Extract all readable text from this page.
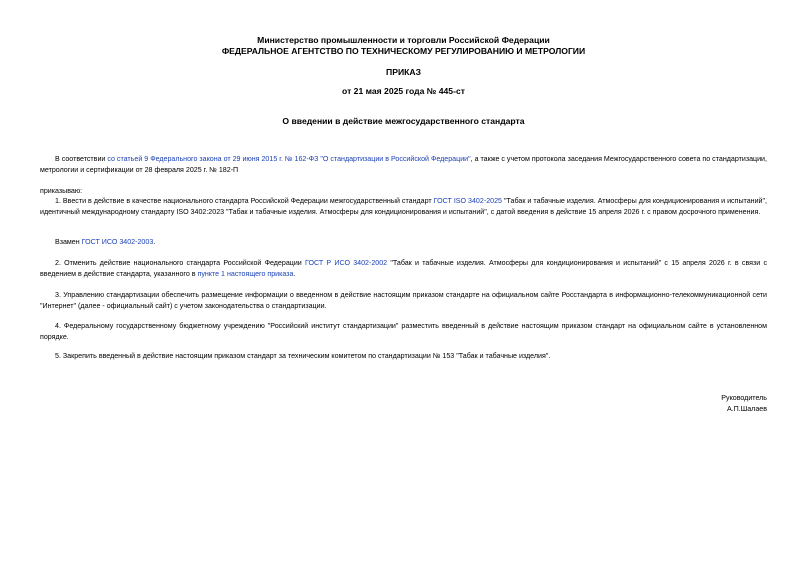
Министерство промышленности и торговли Российской Федерации
ФЕДЕРАЛЬНОЕ АГЕНТСТВО ПО ТЕХНИЧЕСКОМУ РЕГУЛИРОВАНИЮ И МЕТРОЛОГИИ
ПРИКАЗ
от 21 мая 2025 года № 445-ст
О введении в действие межгосударственного стандарта

В соответствии со статьей 9 Федерального закона от 29 июня 2015 г. № 162-ФЗ "О стандартизации в Российской Федерации", а также с учетом протокола заседания Межгосударственного совета по стандартизации, метрологии и сертификации от 28 февраля 2025 г. № 182-П

приказываю:

1. Ввести в действие в качестве национального стандарта Российской Федерации межгосударственный стандарт ГОСТ ISO 3402-2025 "Табак и табачные изделия. Атмосферы для кондиционирования и испытаний", идентичный международному стандарту ISO 3402:2023 "Табак и табачные изделия. Атмосферы для кондиционирования и испытаний", с датой введения в действие 15 апреля 2026 г. с правом досрочного применения.

Взамен ГОСТ ИСО 3402-2003.

2. Отменить действие национального стандарта Российской Федерации ГОСТ Р ИСО 3402-2002 "Табак и табачные изделия. Атмосферы для кондиционирования и испытаний" с 15 апреля 2026 г. в связи с введением в действие стандарта, указанного в пункте 1 настоящего приказа.

3. Управлению стандартизации обеспечить размещение информации о введенном в действие настоящим приказом стандарте на официальном сайте Росстандарта в информационно-телекоммуникационной сети "Интернет" (далее - официальный сайт) с учетом законодательства о стандартизации.

4. Федеральному государственному бюджетному учреждению "Российский институт стандартизации" разместить введенный в действие настоящим приказом стандарт на официальном сайте в установленном порядке.

5. Закрепить введенный в действие настоящим приказом стандарт за техническим комитетом по стандартизации № 153 "Табак и табачные изделия".

Руководитель
А.П.Шалаев
